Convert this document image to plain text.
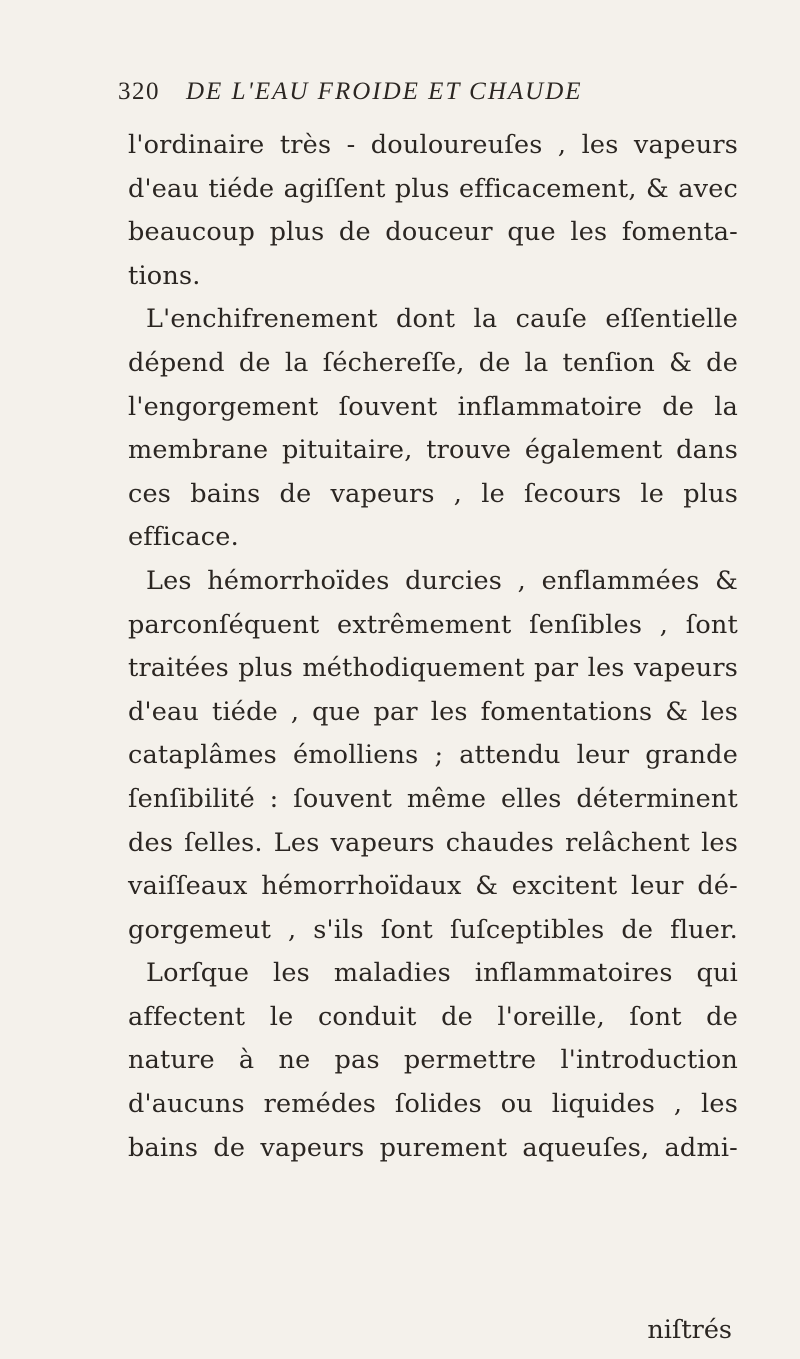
320 DE L'EAU FROIDE ET CHAUDE
l'ordinaire très - douloureuſes , les vapeurs
d'eau tiéde agiſſent plus efficacement, & avec
beaucoup plus de douceur que les fomenta-
tions.
L'enchifrenement dont la cauſe eſſentielle
dépend de la ſéchereſſe, de la tenſion & de
l'engorgement ſouvent inflammatoire de la
membrane pituitaire, trouve également dans
ces bains de vapeurs , le ſecours le plus
efficace.
Les hémorrhoïdes durcies , enflammées &
parconſéquent extrêmement ſenſibles , ſont
traitées plus méthodiquement par les vapeurs
d'eau tiéde , que par les fomentations & les
cataplâmes émolliens ; attendu leur grande
ſenſibilité : ſouvent même elles déterminent
des ſelles. Les vapeurs chaudes relâchent les
vaiſſeaux hémorrhoïdaux & excitent leur dé-
gorgemeut , s'ils ſont ſuſceptibles de fluer.
Lorſque les maladies inflammatoires qui
affectent le conduit de l'oreille, ſont de
nature à ne pas permettre l'introduction
d'aucuns remédes ſolides ou liquides , les
bains de vapeurs purement aqueuſes, admi-
niſtrés
